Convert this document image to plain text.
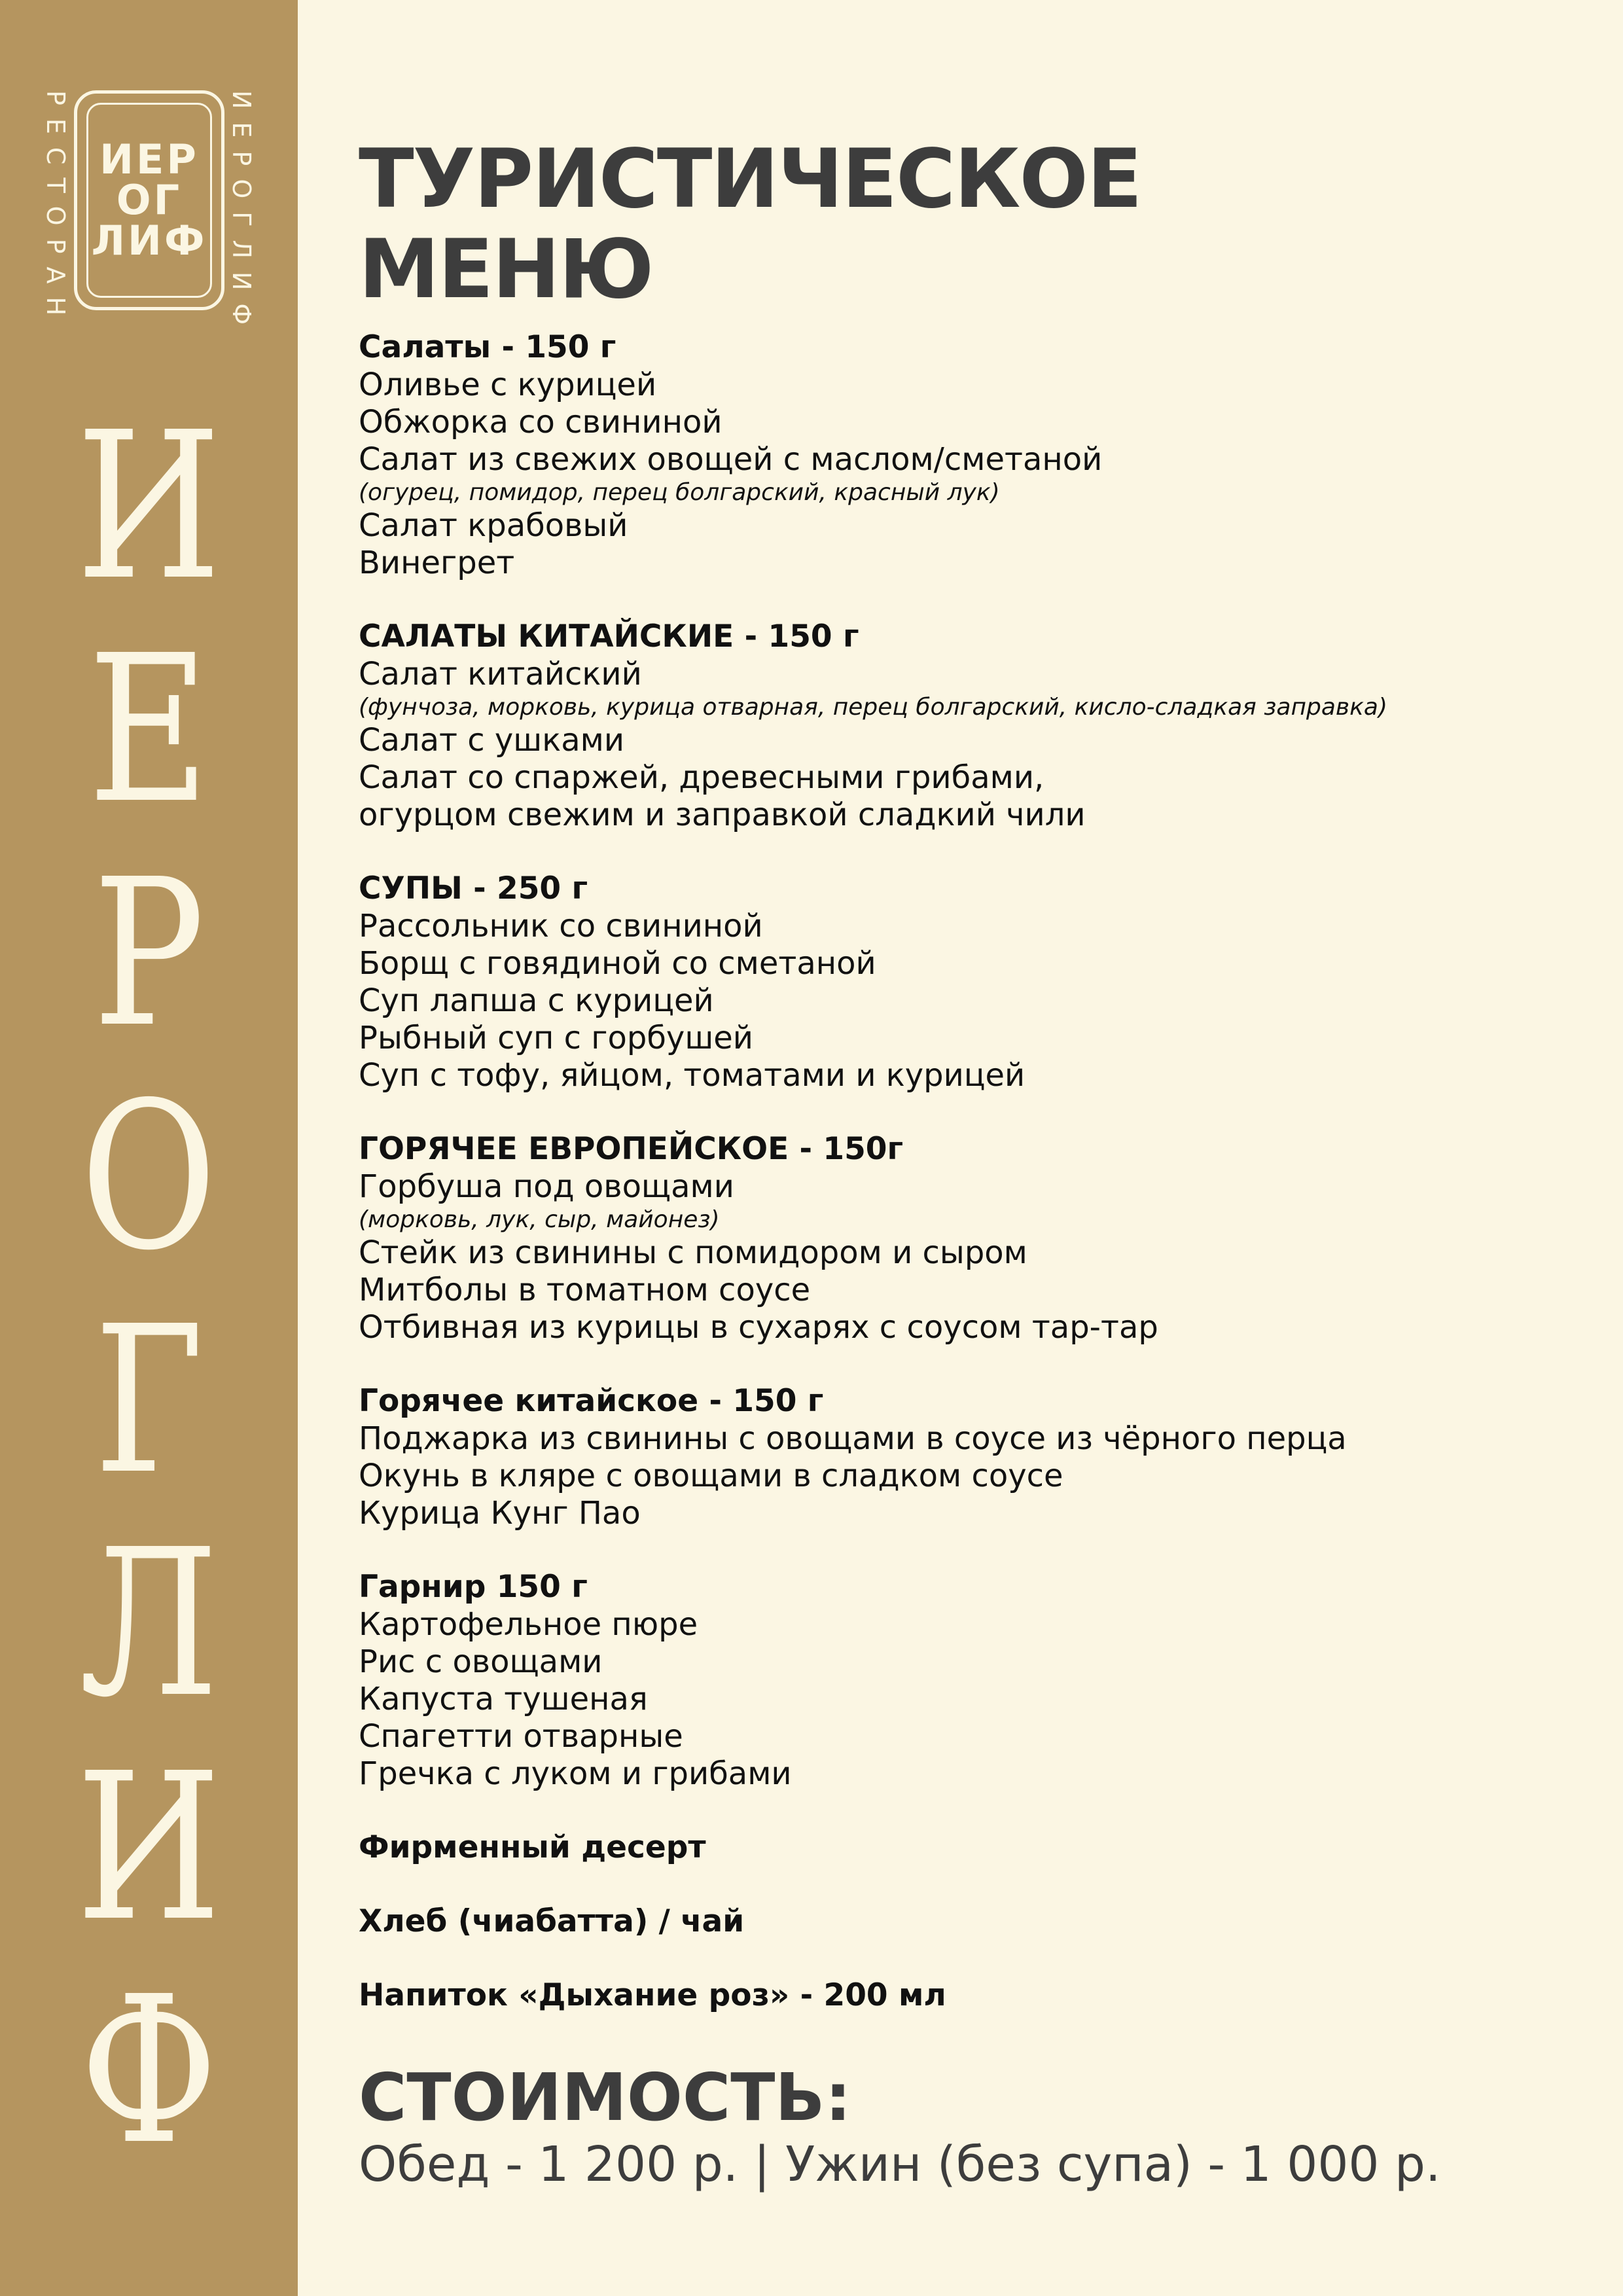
РЕСТОРАН ИЕР
ОГ
ЛИФ ИЕРОГЛИФ
И
Е
Р
О
Г
Л
И
Ф
ТУРИСТИЧЕСКОЕ
МЕНЮ
Салаты - 150 г
Оливье с курицей
Обжорка со свининой
Салат из свежих овощей с маслом/сметаной
(огурец, помидор, перец болгарский, красный лук)
Салат крабовый
Винегрет
САЛАТЫ КИТАЙСКИЕ - 150 г
Салат китайский
(фунчоза, морковь, курица отварная, перец болгарский, кисло-сладкая заправка)
Салат с ушками
Салат со спаржей, древесными грибами,
огурцом свежим и заправкой сладкий чили
СУПЫ - 250 г
Рассольник со свининой
Борщ с говядиной со сметаной
Суп лапша с курицей
Рыбный суп с горбушей
Суп с тофу, яйцом, томатами и курицей
ГОРЯЧЕЕ ЕВРОПЕЙСКОЕ - 150г
Горбуша под овощами
(морковь, лук, сыр, майонез)
Стейк из свинины с помидором и сыром
Митболы в томатном соусе
Отбивная из курицы в сухарях с соусом тар-тар
Горячее китайское - 150 г
Поджарка из свинины с овощами в соусе из чёрного перца
Окунь в кляре с овощами в сладком соусе
Курица Кунг Пао
Гарнир 150 г
Картофельное пюре
Рис с овощами
Капуста тушеная
Спагетти отварные
Гречка с луком и грибами
Фирменный десерт
Хлеб (чиабатта) / чай
Напиток «Дыхание роз» - 200 мл
СТОИМОСТЬ:
Обед - 1 200 р. | Ужин (без супа) - 1 000 р.
